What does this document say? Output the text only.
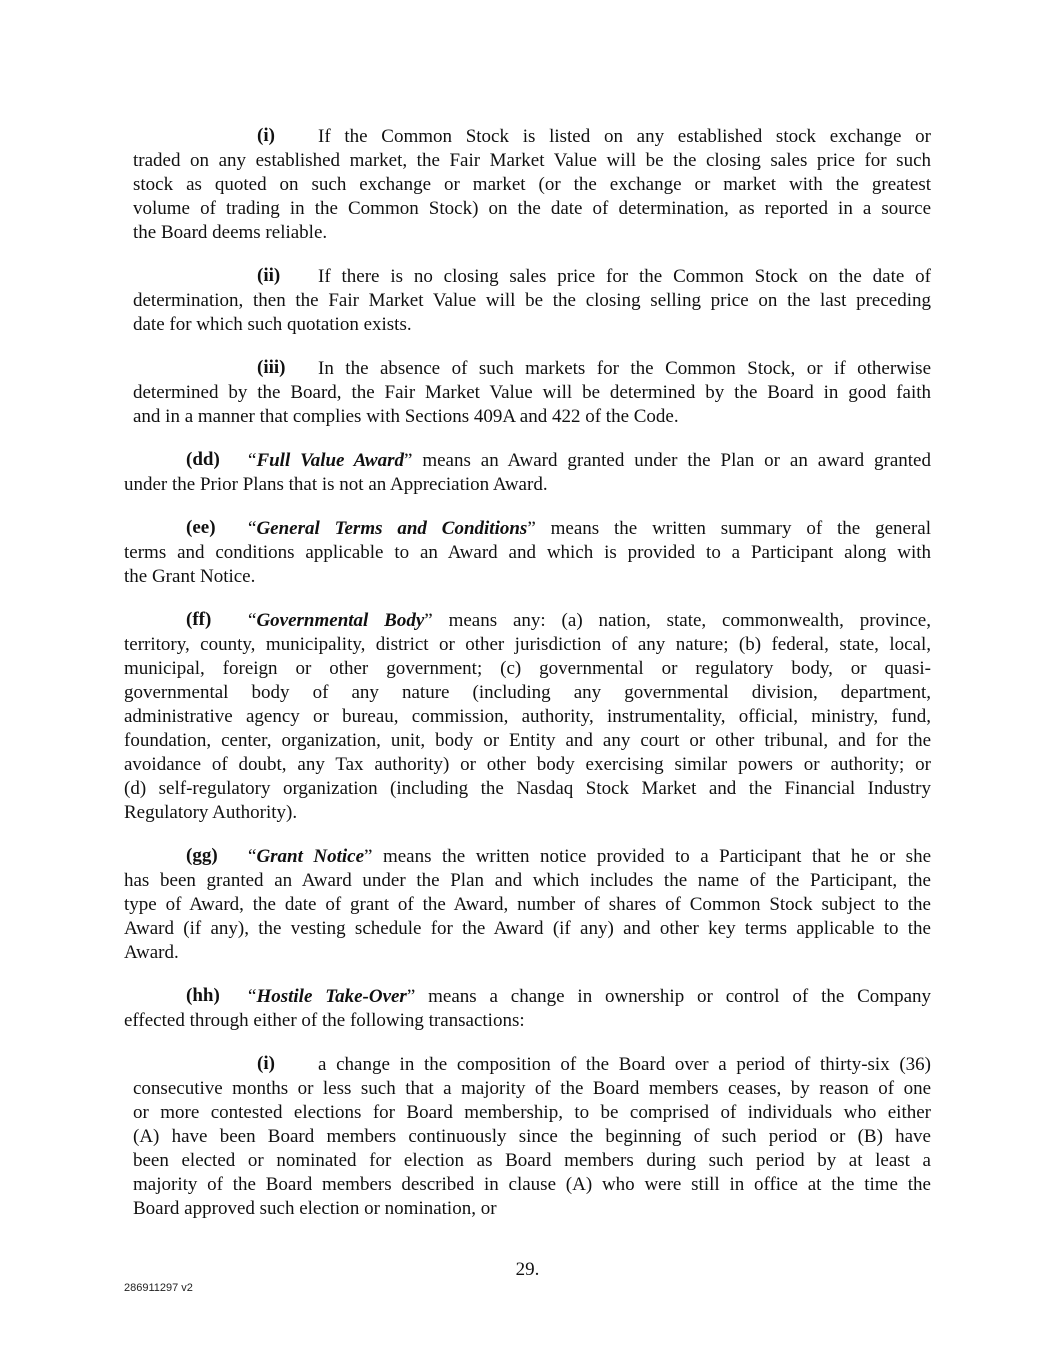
(i) If the Common Stock is listed on any established stock exchange or

traded on any established market, the Fair Market Value will be the closing sales price for such

stock as quoted on such exchange or market (or the exchange or market with the greatest

volume of trading in the Common Stock) on the date of determination, as reported in a source

the Board deems reliable.

(ii) If there is no closing sales price for the Common Stock on the date of

determination, then the Fair Market Value will be the closing selling price on the last preceding

date for which such quotation exists.

(iii) In the absence of such markets for the Common Stock, or if otherwise

determined by the Board, the Fair Market Value will be determined by the Board in good faith

and in a manner that complies with Sections 409A and 422 of the Code.

(dd) “Full Value Award” means an Award granted under the Plan or an award granted

under the Prior Plans that is not an Appreciation Award.

(ee) “General Terms and Conditions” means the written summary of the general

terms and conditions applicable to an Award and which is provided to a Participant along with

the Grant Notice.

(ff) “Governmental Body” means any: (a) nation, state, commonwealth, province,

territory, county, municipality, district or other jurisdiction of any nature; (b) federal, state, local,

municipal, foreign or other government; (c) governmental or regulatory body, or quasi-

governmental body of any nature (including any governmental division, department,

administrative agency or bureau, commission, authority, instrumentality, official, ministry, fund,

foundation, center, organization, unit, body or Entity and any court or other tribunal, and for the

avoidance of doubt, any Tax authority) or other body exercising similar powers or authority; or

(d) self-regulatory organization (including the Nasdaq Stock Market and the Financial Industry

Regulatory Authority).

(gg) “Grant Notice” means the written notice provided to a Participant that he or she

has been granted an Award under the Plan and which includes the name of the Participant, the

type of Award, the date of grant of the Award, number of shares of Common Stock subject to the

Award (if any), the vesting schedule for the Award (if any) and other key terms applicable to the

Award.

(hh) “Hostile Take-Over” means a change in ownership or control of the Company

effected through either of the following transactions:

(i) a change in the composition of the Board over a period of thirty-six (36)

consecutive months or less such that a majority of the Board members ceases, by reason of one

or more contested elections for Board membership, to be comprised of individuals who either

(A) have been Board members continuously since the beginning of such period or (B) have

been elected or nominated for election as Board members during such period by at least a

majority of the Board members described in clause (A) who were still in office at the time the

Board approved such election or nomination, or

29.
286911297 v2
